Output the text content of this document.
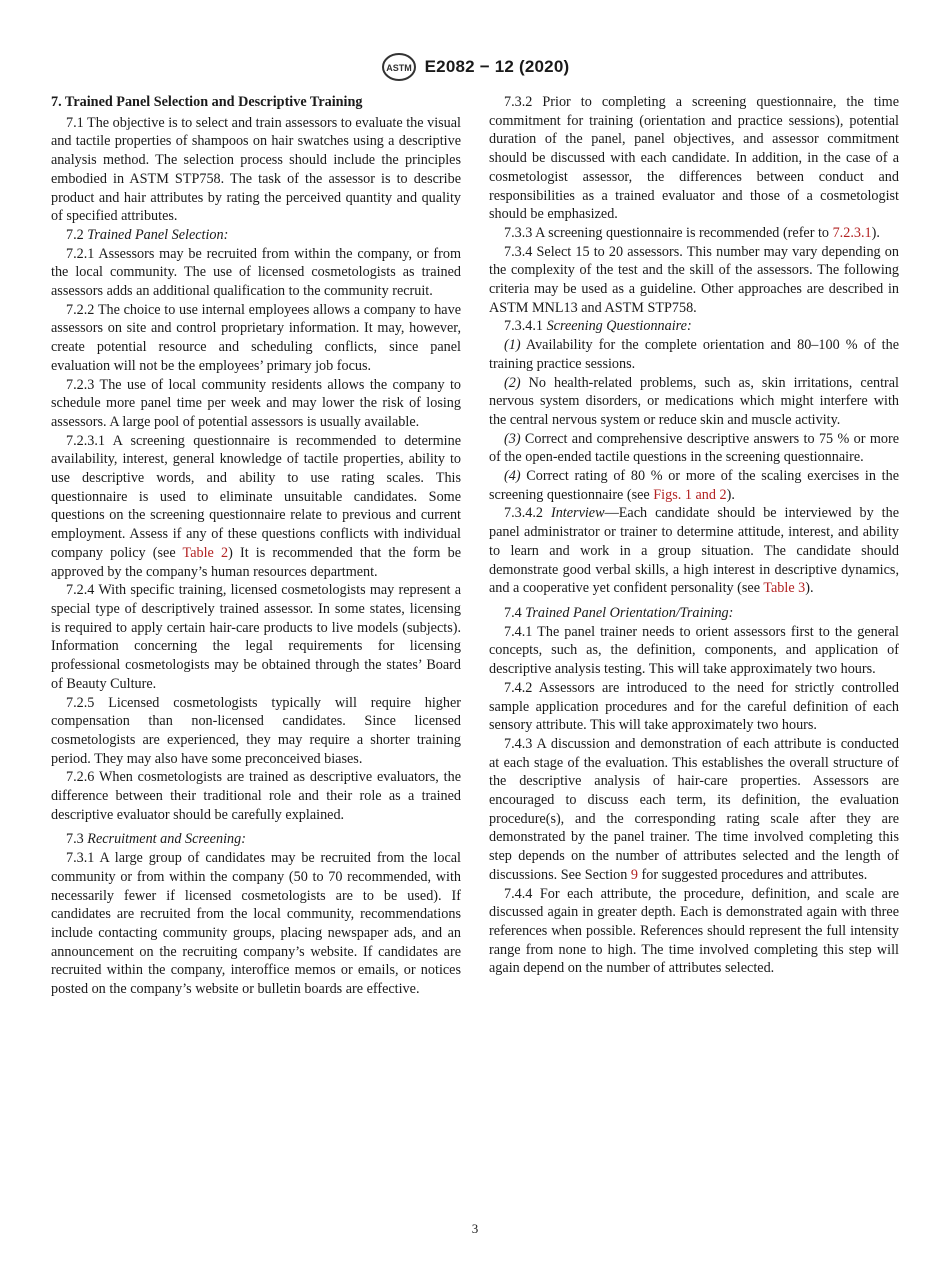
ASTM E2082 − 12 (2020)

7. Trained Panel Selection and Descriptive Training

7.1 The objective is to select and train assessors to evaluate the visual and tactile properties of shampoos on hair swatches using a descriptive analysis method. The selection process should include the principles embodied in ASTM STP758. The task of the assessor is to describe product and hair attributes by rating the perceived quantity and quality of specified attributes.

7.2 Trained Panel Selection:

7.2.1 Assessors may be recruited from within the company, or from the local community. The use of licensed cosmetologists as trained assessors adds an additional qualification to the community recruit.

7.2.2 The choice to use internal employees allows a company to have assessors on site and control proprietary information. It may, however, create potential resource and scheduling conflicts, since panel evaluation will not be the employees’ primary job focus.

7.2.3 The use of local community residents allows the company to schedule more panel time per week and may lower the risk of losing assessors. A large pool of potential assessors is usually available.

7.2.3.1 A screening questionnaire is recommended to determine availability, interest, general knowledge of tactile properties, ability to use descriptive words, and ability to use rating scales. This questionnaire is used to eliminate unsuitable candidates. Some questions on the screening questionnaire relate to previous and current employment. Assess if any of these questions conflicts with individual company policy (see Table 2) It is recommended that the form be approved by the company’s human resources department.

7.2.4 With specific training, licensed cosmetologists may represent a special type of descriptively trained assessor. In some states, licensing is required to apply certain hair-care products to live models (subjects). Information concerning the legal requirements for licensing professional cosmetologists may be obtained through the states’ Board of Beauty Culture.

7.2.5 Licensed cosmetologists typically will require higher compensation than non-licensed candidates. Since licensed cosmetologists are experienced, they may require a shorter training period. They may also have some preconceived biases.

7.2.6 When cosmetologists are trained as descriptive evaluators, the difference between their traditional role and their role as a trained descriptive evaluator should be carefully explained.

7.3 Recruitment and Screening:

7.3.1 A large group of candidates may be recruited from the local community or from within the company (50 to 70 recommended, with necessarily fewer if licensed cosmetologists are to be used). If candidates are recruited from the local community, recommendations include contacting community groups, placing newspaper ads, and an announcement on the recruiting company’s website. If candidates are recruited within the company, interoffice memos or emails, or notices posted on the company’s website or bulletin boards are effective.

7.3.2 Prior to completing a screening questionnaire, the time commitment for training (orientation and practice sessions), potential duration of the panel, panel objectives, and assessor commitment should be discussed with each candidate. In addition, in the case of a cosmetologist assessor, the differences between conduct and responsibilities as a trained evaluator and those of a cosmetologist should be emphasized.

7.3.3 A screening questionnaire is recommended (refer to 7.2.3.1).

7.3.4 Select 15 to 20 assessors. This number may vary depending on the complexity of the test and the skill of the assessors. The following criteria may be used as a guideline. Other approaches are described in ASTM MNL13 and ASTM STP758.

7.3.4.1 Screening Questionnaire:

(1) Availability for the complete orientation and 80–100 % of the training practice sessions.

(2) No health-related problems, such as, skin irritations, central nervous system disorders, or medications which might interfere with the central nervous system or reduce skin and muscle activity.

(3) Correct and comprehensive descriptive answers to 75 % or more of the open-ended tactile questions in the screening questionnaire.

(4) Correct rating of 80 % or more of the scaling exercises in the screening questionnaire (see Figs. 1 and 2).

7.3.4.2 Interview—Each candidate should be interviewed by the panel administrator or trainer to determine attitude, interest, and ability to learn and work in a group situation. The candidate should demonstrate good verbal skills, a high interest in descriptive dynamics, and a cooperative yet confident personality (see Table 3).

7.4 Trained Panel Orientation/Training:

7.4.1 The panel trainer needs to orient assessors first to the general concepts, such as, the definition, components, and application of descriptive analysis testing. This will take approximately two hours.

7.4.2 Assessors are introduced to the need for strictly controlled sample application procedures and for the careful definition of each sensory attribute. This will take approximately two hours.

7.4.3 A discussion and demonstration of each attribute is conducted at each stage of the evaluation. This establishes the overall structure of the descriptive analysis of hair-care properties. Assessors are encouraged to discuss each term, its definition, the evaluation procedure(s), and the corresponding rating scale after they are demonstrated by the panel trainer. The time involved completing this step depends on the number of attributes selected and the length of discussions. See Section 9 for suggested procedures and attributes.

7.4.4 For each attribute, the procedure, definition, and scale are discussed again in greater depth. Each is demonstrated again with three references when possible. References should represent the full intensity range from none to high. The time involved completing this step will again depend on the number of attributes selected.

3
